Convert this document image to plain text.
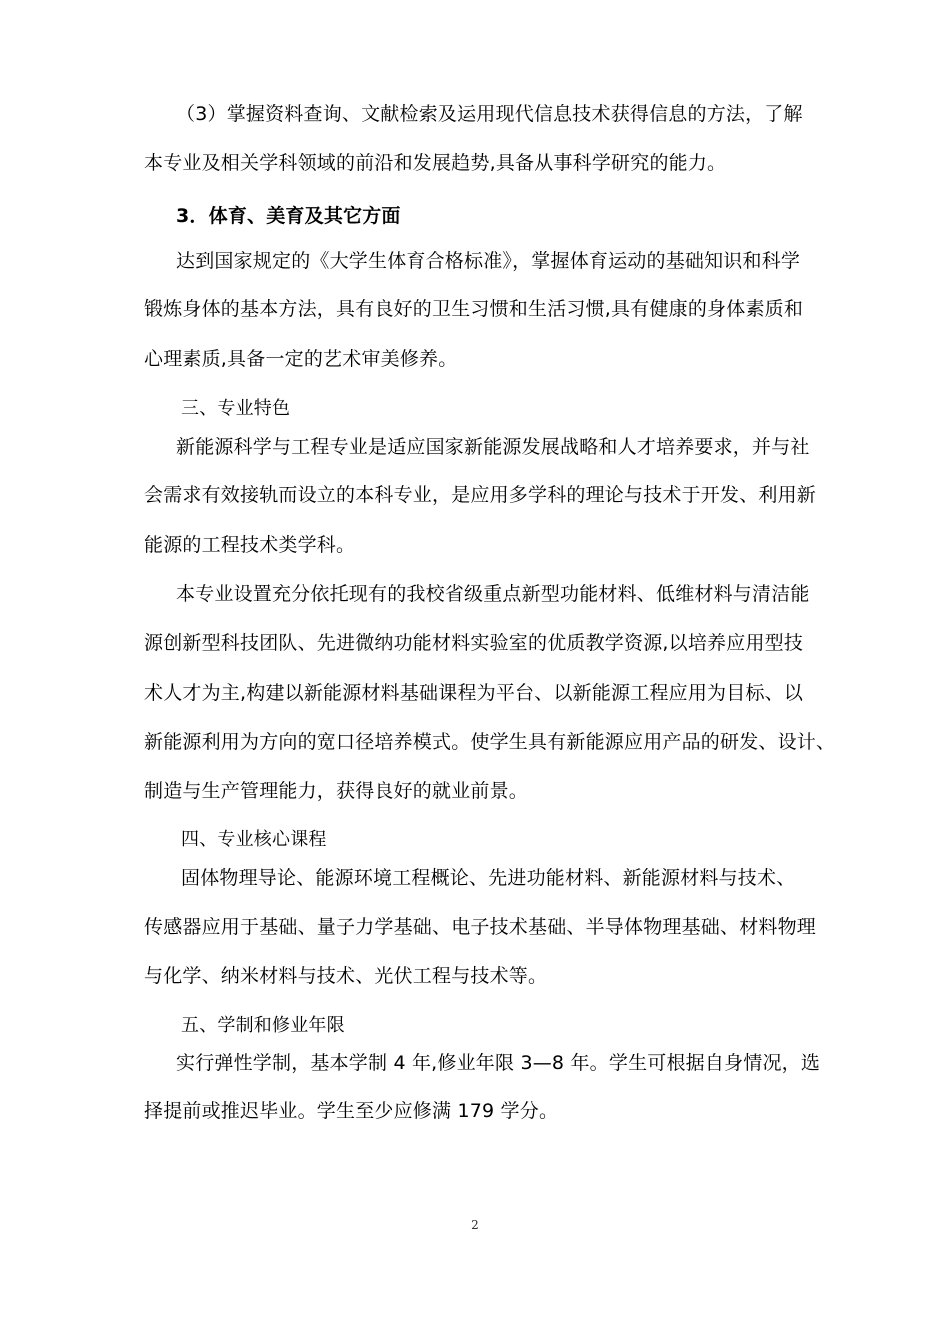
（3）掌握资料查询、文献检索及运用现代信息技术获得信息的方法，了解
本专业及相关学科领域的前沿和发展趋势,具备从事科学研究的能力。
3．体育、美育及其它方面
达到国家规定的《大学生体育合格标准》，掌握体育运动的基础知识和科学
锻炼身体的基本方法，具有良好的卫生习惯和生活习惯,具有健康的身体素质和
心理素质,具备一定的艺术审美修养。
三、专业特色
新能源科学与工程专业是适应国家新能源发展战略和人才培养要求，并与社
会需求有效接轨而设立的本科专业，是应用多学科的理论与技术于开发、利用新
能源的工程技术类学科。
本专业设置充分依托现有的我校省级重点新型功能材料、低维材料与清洁能
源创新型科技团队、先进微纳功能材料实验室的优质教学资源,以培养应用型技
术人才为主,构建以新能源材料基础课程为平台、以新能源工程应用为目标、以
新能源利用为方向的宽口径培养模式。使学生具有新能源应用产品的研发、设计、
制造与生产管理能力，获得良好的就业前景。
四、专业核心课程
固体物理导论、能源环境工程概论、先进功能材料、新能源材料与技术、
传感器应用于基础、量子力学基础、电子技术基础、半导体物理基础、材料物理
与化学、纳米材料与技术、光伏工程与技术等。
五、学制和修业年限
实行弹性学制，基本学制 4 年,修业年限 3—8 年。学生可根据自身情况，选
择提前或推迟毕业。学生至少应修满 179 学分。
2
